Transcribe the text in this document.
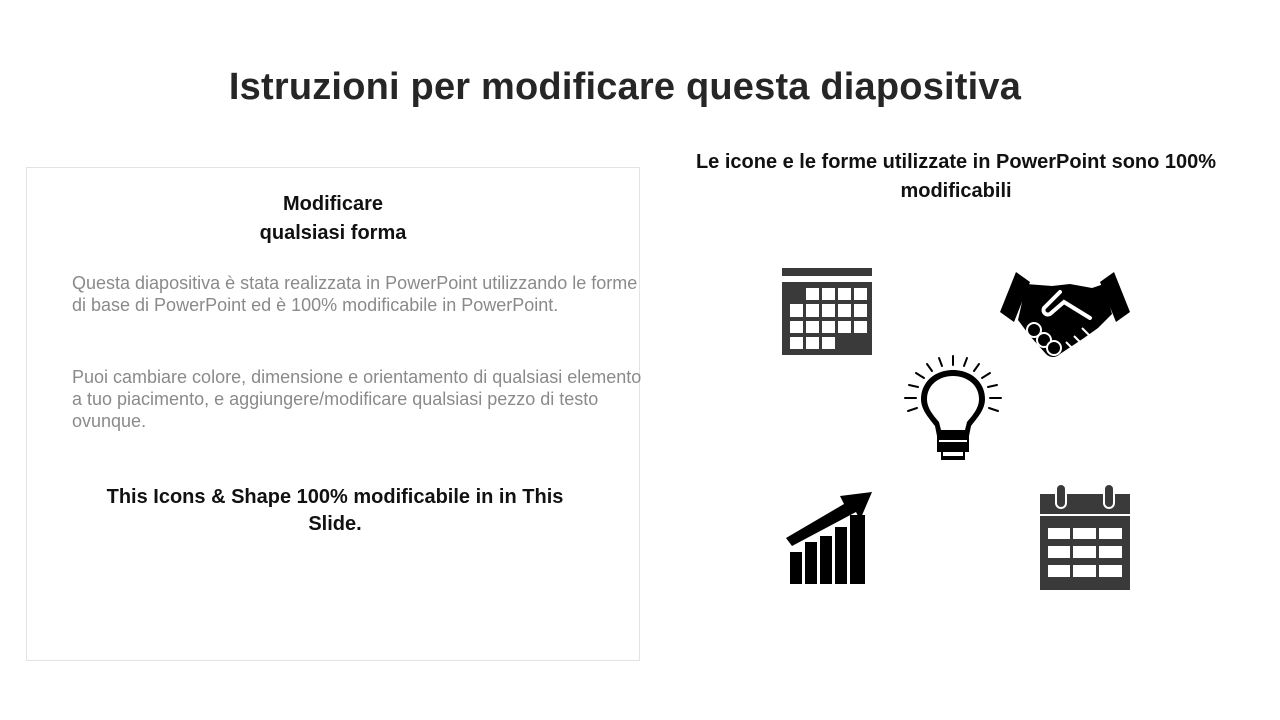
Istruzioni per modificare questa diapositiva
Modificare
qualsiasi forma
Questa diapositiva è stata realizzata in PowerPoint utilizzando le forme di base di PowerPoint ed è 100% modificabile in PowerPoint.
Puoi cambiare colore, dimensione e orientamento di qualsiasi elemento a tuo piacimento, e aggiungere/modificare qualsiasi pezzo di testo ovunque.
This Icons & Shape 100% modificabile in in This Slide.
Le icone e le forme utilizzate in PowerPoint sono 100% modificabili
